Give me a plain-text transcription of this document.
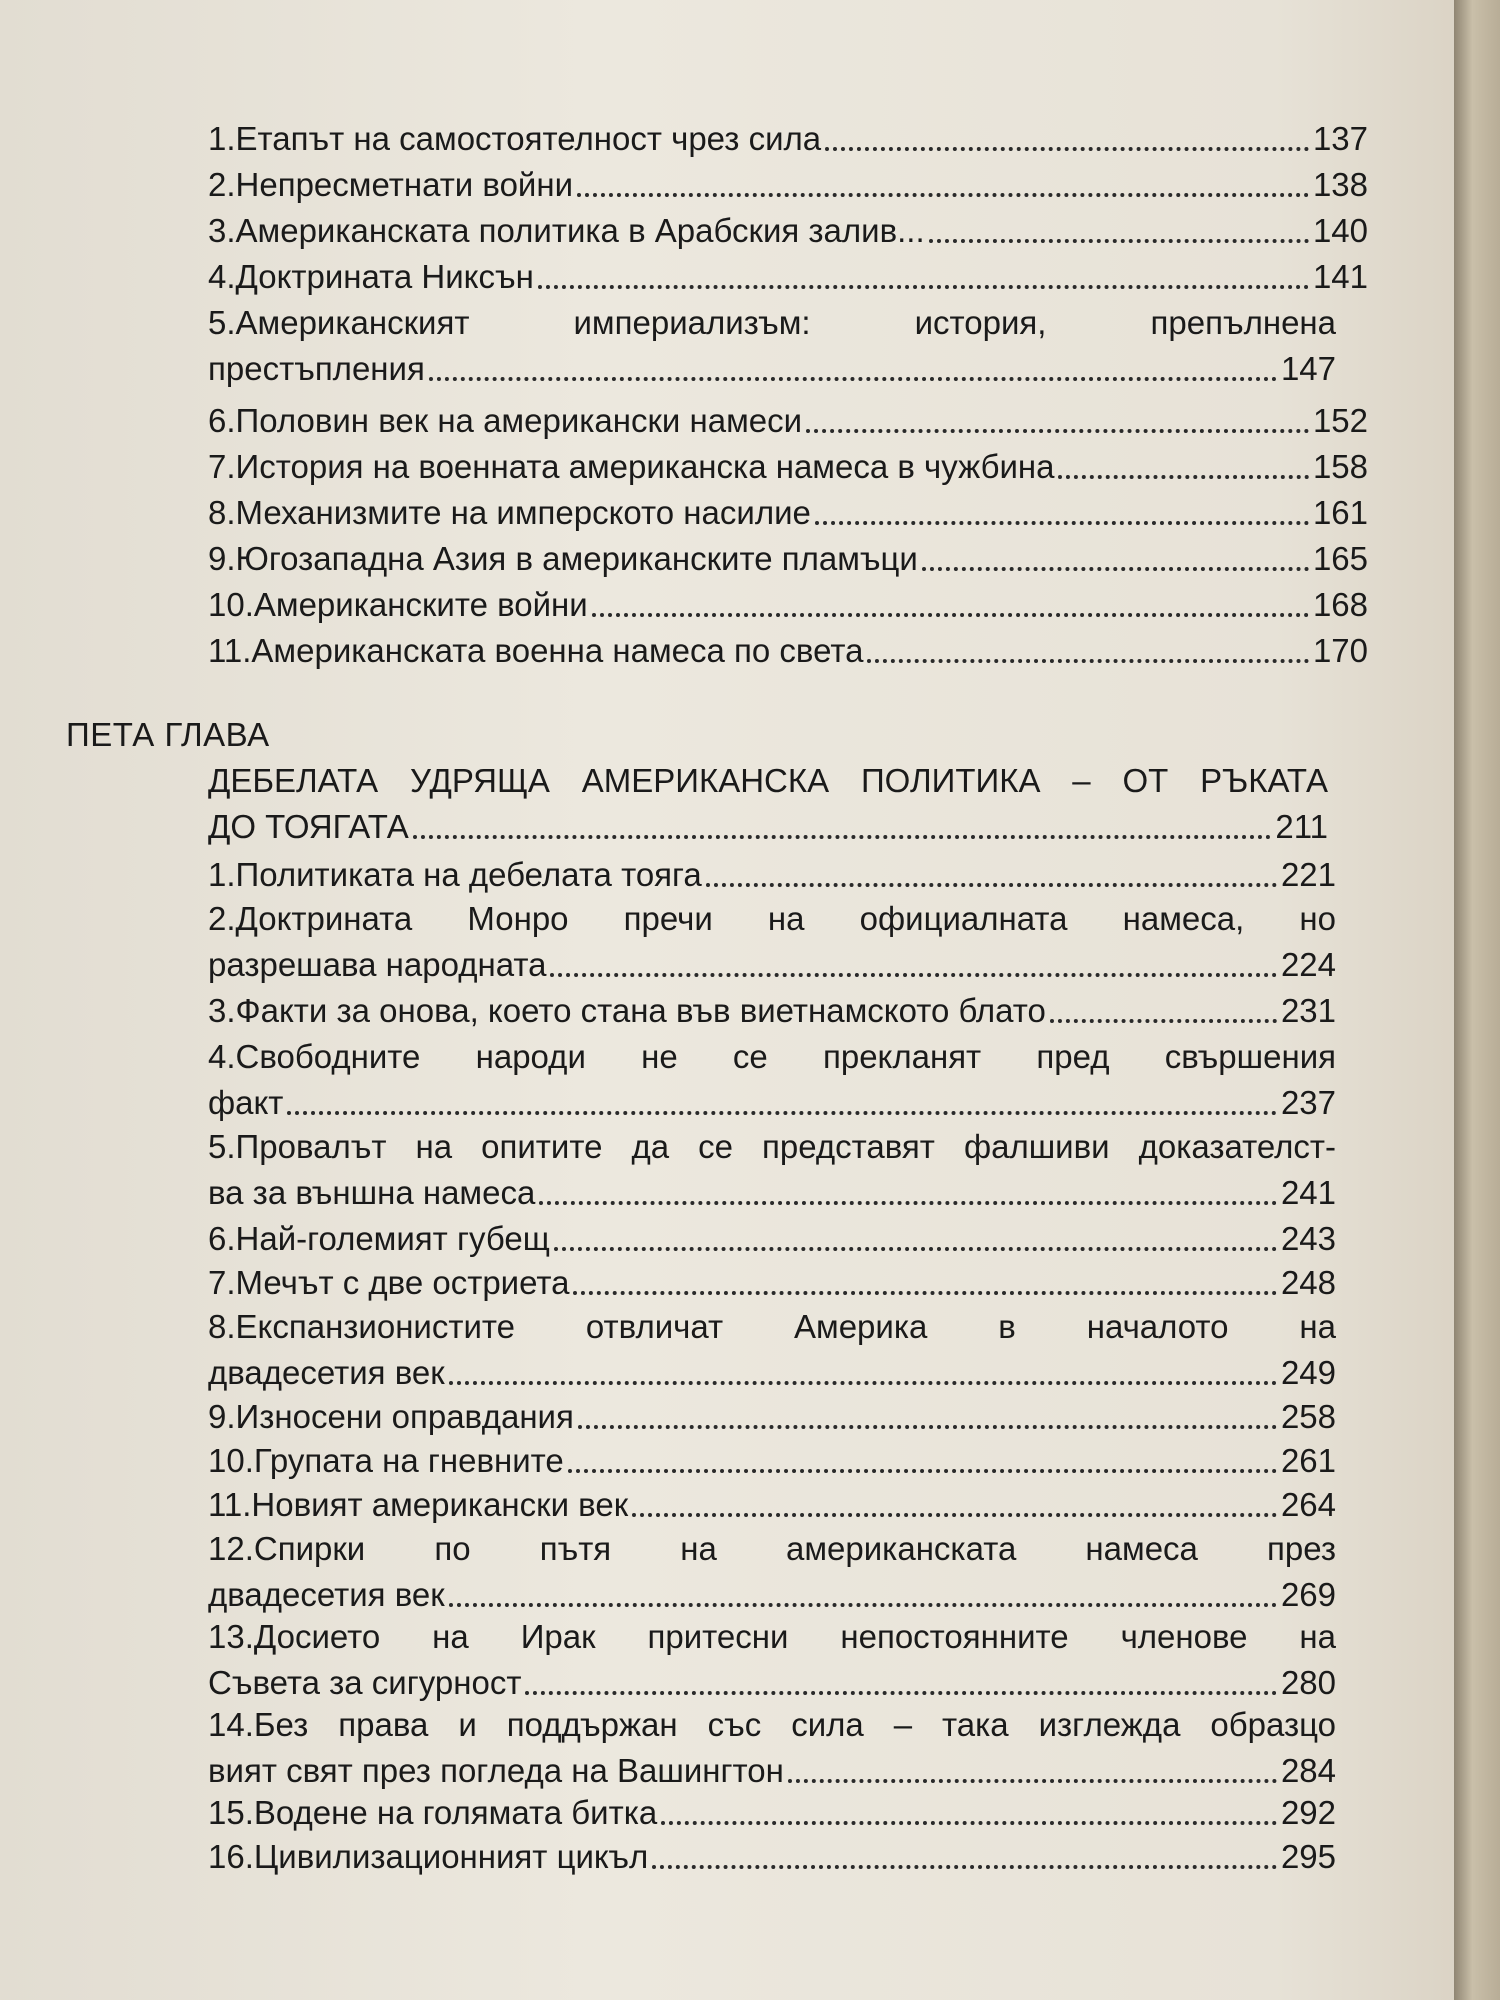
1.Етапът на самостоятелност чрез сила	137
2.Непресметнати войни	138
3.Американската политика в Арабския залив...	140
4.Доктрината Никсън	141
5.Американският империализъм: история, препълнена
престъпления	147
6.Половин век на американски намеси	152
7.История на военната американска намеса в чужбина	158
8.Механизмите на имперското насилие	161
9.Югозападна Азия в американските пламъци	165
10.Американските войни	168
11.Американската военна намеса по света	170
ПЕТА ГЛАВА
ДЕБЕЛАТА УДРЯЩА АМЕРИКАНСКА ПОЛИТИКА – ОТ РЪКАТА
ДО ТОЯГАТА	211
1.Политиката на дебелата тояга	221
2.Доктрината Монро пречи на официалната намеса, но
разрешава народната	224
3.Факти за онова, което стана във виетнамското блато	231
4.Свободните народи не се прекланят пред свършения
факт	237
5.Провалът на опитите да се представят фалшиви доказателст-
ва за външна намеса	241
6.Най-големият губещ	243
7.Мечът с две остриета	248
8.Експанзионистите отвличат Америка в началото на
двадесетия век	249
9.Износени оправдания	258
10.Групата на гневните	261
11.Новият американски век	264
12.Спирки по пътя на американската намеса през
двадесетия век	269
13.Досието на Ирак притесни непостоянните членове на
Съвета за сигурност	280
14.Без права и поддържан със сила – така изглежда образцо
вият свят през погледа на Вашингтон	284
15.Водене на голямата битка	292
16.Цивилизационният цикъл	295
